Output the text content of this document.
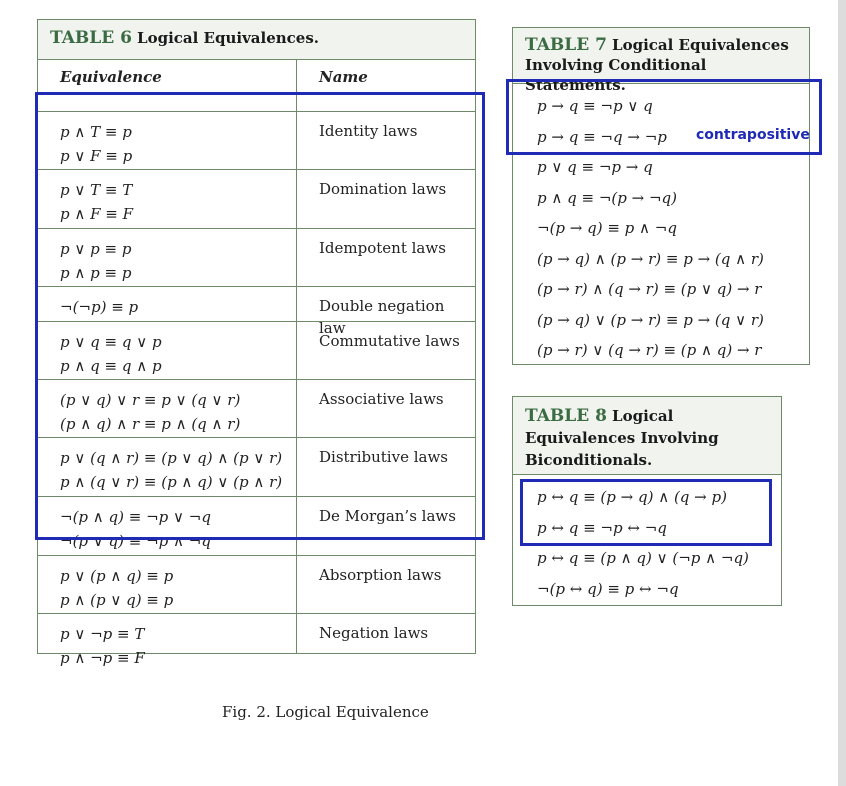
TABLE 6 Logical Equivalences.
Equivalence	Name
p ∧ T ≡ p
p ∨ F ≡ p
Identity laws
p ∨ T ≡ T
p ∧ F ≡ F
Domination laws
p ∨ p ≡ p
p ∧ p ≡ p
Idempotent laws
¬(¬p) ≡ p	Double negation law
p ∨ q ≡ q ∨ p
p ∧ q ≡ q ∧ p
Commutative laws
(p ∨ q) ∨ r ≡ p ∨ (q ∨ r)
(p ∧ q) ∧ r ≡ p ∧ (q ∧ r)
Associative laws
p ∨ (q ∧ r) ≡ (p ∨ q) ∧ (p ∨ r)
p ∧ (q ∨ r) ≡ (p ∧ q) ∨ (p ∧ r)
Distributive laws
¬(p ∧ q) ≡ ¬p ∨ ¬q
¬(p ∨ q) ≡ ¬p ∧ ¬q
De Morgan’s laws
p ∨ (p ∧ q) ≡ p
p ∧ (p ∨ q) ≡ p
Absorption laws
p ∨ ¬p ≡ T
p ∧ ¬p ≡ F
Negation laws
TABLE 7 Logical Equivalences
Involving Conditional Statements.
p → q ≡ ¬p ∨ q
p → q ≡ ¬q → ¬p
p ∨ q ≡ ¬p → q
p ∧ q ≡ ¬(p → ¬q)
¬(p → q) ≡ p ∧ ¬q
(p → q) ∧ (p → r) ≡ p → (q ∧ r)
(p → r) ∧ (q → r) ≡ (p ∨ q) → r
(p → q) ∨ (p → r) ≡ p → (q ∨ r)
(p → r) ∨ (q → r) ≡ (p ∧ q) → r
TABLE 8 Logical
Equivalences Involving
Biconditionals.
p ↔ q ≡ (p → q) ∧ (q → p)
p ↔ q ≡ ¬p ↔ ¬q
p ↔ q ≡ (p ∧ q) ∨ (¬p ∧ ¬q)
¬(p ↔ q) ≡ p ↔ ¬q
contrapositive
Fig. 2. Logical Equivalence
